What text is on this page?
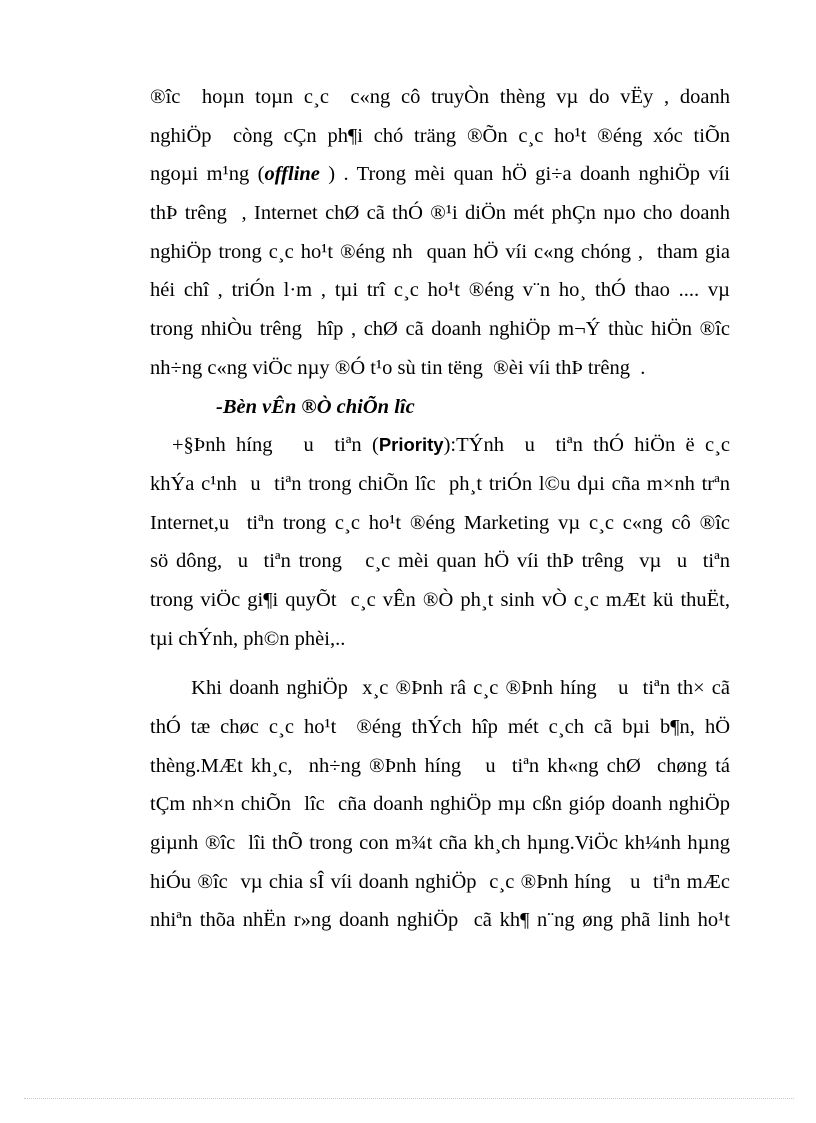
®îc  hoµn toµn c¸c  c«ng cô truyÒn thèng vµ do vËy , doanh
nghiÖp  còng cÇn ph¶i chó träng ®Õn c¸c ho¹t ®éng xóc tiÕn
ngoµi m¹ng (offline ) . Trong mèi quan hÖ gi÷a doanh nghiÖp víi
thÞ trêng  , Internet chØ cã thÓ ®¹i diÖn mét phÇn nµo cho doanh
nghiÖp trong c¸c ho¹t ®éng nh  quan hÖ víi c«ng chóng ,  tham gia
héi chî , triÓn l·m , tµi trî c¸c ho¹t ®éng v¨n ho¸ thÓ thao .... vµ
trong nhiÒu trêng  hîp , chØ cã doanh nghiÖp m¬Ý thùc hiÖn ®îc
nh÷ng c«ng viÖc nµy ®Ó t¹o sù tin tëng  ®èi víi thÞ trêng  .
-Bèn vÊn ®Ò chiÕn lîc
+§Þnh híng   u  tiªn (Priority):TÝnh  u  tiªn thÓ hiÖn ë c¸c
khÝa c¹nh  u  tiªn trong chiÕn lîc  ph¸t triÓn l©u dµi cña m×nh trªn
Internet,u  tiªn trong c¸c ho¹t ®éng Marketing vµ c¸c c«ng cô ®îc
sö dông,  u  tiªn trong   c¸c mèi quan hÖ víi thÞ trêng  vµ  u  tiªn
trong viÖc gi¶i quyÕt  c¸c vÊn ®Ò ph¸t sinh vÒ c¸c mÆt kü thuËt,
tµi chÝnh, ph©n phèi,..
Khi doanh nghiÖp  x¸c ®Þnh râ c¸c ®Þnh híng   u  tiªn th× cã
thÓ tæ chøc c¸c ho¹t  ®éng thÝch hîp mét c¸ch cã bµi b¶n, hÖ
thèng.MÆt kh¸c,  nh÷ng ®Þnh híng   u  tiªn kh«ng chØ  chøng tá
tÇm nh×n chiÕn  lîc  cña doanh nghiÖp mµ cßn gióp doanh nghiÖp
giµnh ®îc  lîi thÕ trong con m¾t cña kh¸ch hµng.ViÖc kh¼nh hµng
hiÓu ®îc  vµ chia sÎ víi doanh nghiÖp  c¸c ®Þnh híng   u  tiªn mÆc
nhiªn thõa nhËn r»ng doanh nghiÖp  cã kh¶ n¨ng øng phã linh ho¹t
